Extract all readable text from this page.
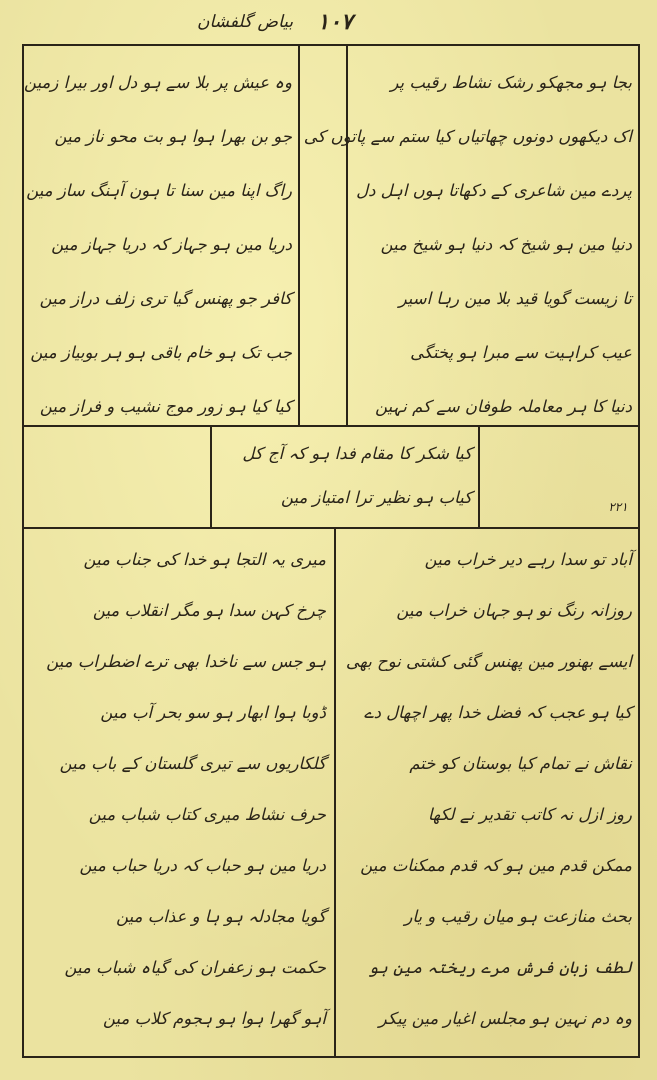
۱۰۷
بیاض گلفشان
بجا ہو مجھکو رشک نشاط رقیب پر
اک دیکھوں دونوں چھاتیاں کیا ستم سے پاتوں کی
پردے مین شاعری کے دکھاتا ہوں اہل دل
دنیا مین ہو شیخ کہ دنیا ہو شیخ مین
تا زیست گویا قید بلا مین رہا اسیر
عیب کراہیت سے مبرا ہو پختگی
دنیا کا ہر معاملہ طوفان سے کم نہین
وہ عیش پر بلا سے ہو دل اور بیرا زمین
جو بن بھرا ہوا ہو بت محو ناز مین
راگ اپنا مین سنا تا ہون آہنگ ساز مین
دریا مین ہو جہاز کہ دریا جہاز مین
کافر جو پھنس گیا تری زلف دراز مین
جب تک ہو خام باقی ہو ہر بوبیاز مین
کیا کیا ہو زور موج نشیب و فراز مین
کیا شکر کا مقام فدا ہو کہ آج کل
کیاب ہو نظیر ترا امتیاز مین	۲۲۱
آباد تو سدا رہے دیر خراب مین
روزانہ رنگ نو ہو جہان خراب مین
ایسے بھنور مین پھنس گئی کشتی نوح بھی
کیا ہو عجب کہ فضل خدا پھر اچھال دے
نقاش نے تمام کیا بوستان کو ختم
روز ازل نہ کاتب تقدیر نے لکھا
ممکن قدم مین ہو کہ قدم ممکنات مین
بحث منازعت ہو میان رقیب و یار
لطف زبان فرش مرے ریختہ مین ہو
وہ دم نہین ہو مجلس اغیار مین پیکر
میری یہ التجا ہو خدا کی جناب مین
چرخ کہن سدا ہو مگر انقلاب مین
ہو جس سے ناخدا بھی ترے اضطراب مین
ڈوبا ہوا ابھار ہو سو بحر آب مین
گلکاریوں سے تیری گلستان کے باب مین
حرف نشاط میری کتاب شباب مین
دریا مین ہو حباب کہ دریا حباب مین
گویا مجادلہ ہو ہا و عذاب مین
حکمت ہو زعفران کی گیاہ شباب مین
آہو گھرا ہوا ہو ہجوم کلاب مین
